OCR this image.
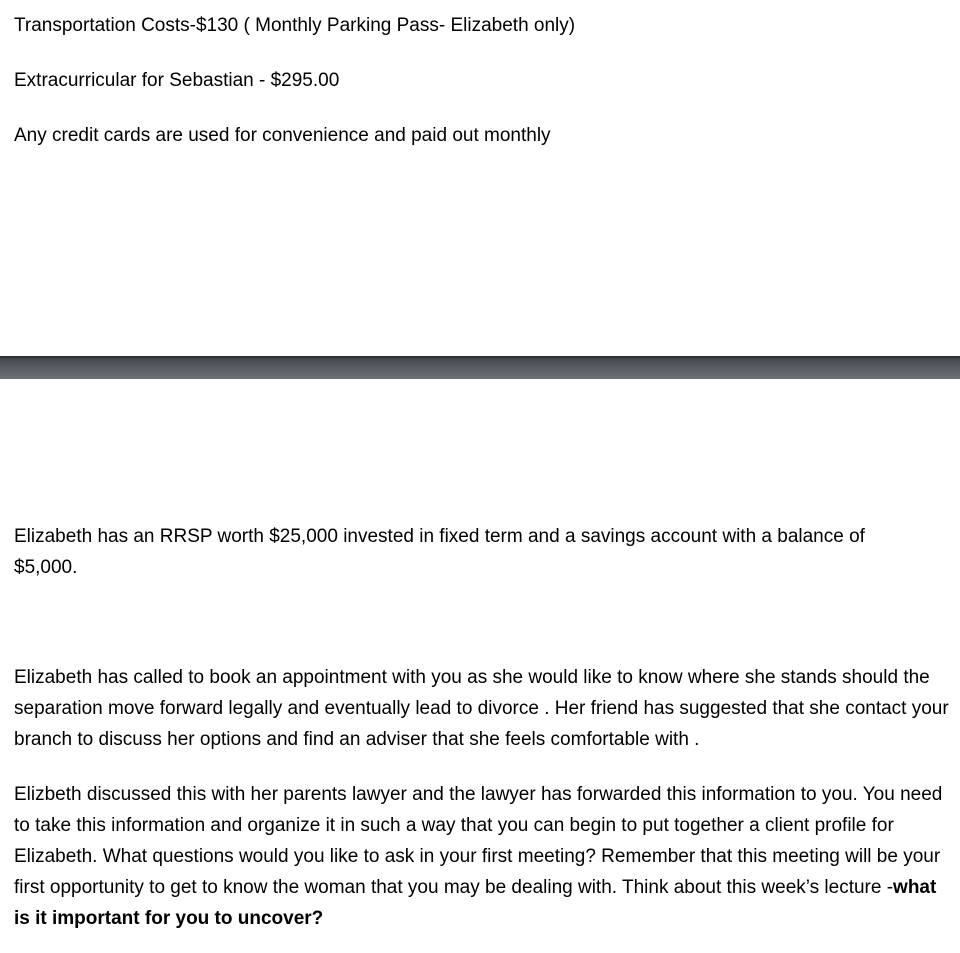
Transportation Costs-$130 ( Monthly Parking Pass- Elizabeth only)

Extracurricular for Sebastian - $295.00

Any credit cards are used for convenience and paid out monthly

Elizabeth has an RRSP worth $25,000 invested in fixed term and a savings account with a balance of $5,000.

Elizabeth has called to book an appointment with you as she would like to know where she stands should the separation move forward legally and eventually lead to divorce . Her friend has suggested that she contact your branch to discuss her options and find an adviser that she feels comfortable with .

Elizbeth discussed this with her parents lawyer and the lawyer has forwarded this information to you. You need to take this information and organize it in such a way that you can begin to put together a client profile for Elizabeth. What questions would you like to ask in your first meeting? Remember that this meeting will be your first opportunity to get to know the woman that you may be dealing with. Think about this week’s lecture -what is it important for you to uncover?
